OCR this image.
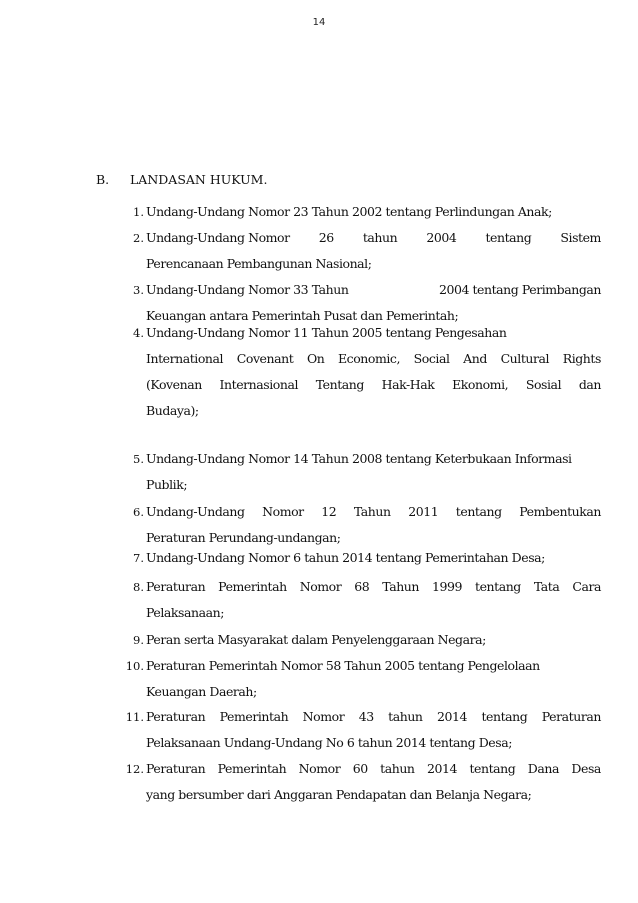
14
B. LANDASAN HUKUM.
1. Undang-Undang Nomor 23 Tahun 2002 tentang Perlindungan Anak;
2. Undang-Undang Nomor 26 tahun 2004 tentang Sistem
Perencanaan Pembangunan Nasional;
3. Undang-Undang Nomor 33 Tahun	2004 tentang Perimbangan
Keuangan antara Pemerintah Pusat dan Pemerintah;
4. Undang-Undang Nomor 11 Tahun 2005 tentang Pengesahan
International Covenant On Economic, Social And Cultural Rights
(Kovenan Internasional Tentang Hak-Hak Ekonomi, Sosial dan
Budaya);
5. Undang-Undang Nomor 14 Tahun 2008 tentang Keterbukaan Informasi
Publik;
6. Undang-Undang Nomor 12 Tahun 2011 tentang Pembentukan
Peraturan Perundang-undangan;
7. Undang-Undang Nomor 6 tahun 2014 tentang Pemerintahan Desa;
8. Peraturan Pemerintah Nomor 68 Tahun 1999 tentang Tata Cara
Pelaksanaan;
9. Peran serta Masyarakat dalam Penyelenggaraan Negara;
10. Peraturan Pemerintah Nomor 58 Tahun 2005 tentang Pengelolaan
Keuangan Daerah;
11. Peraturan Pemerintah Nomor 43 tahun 2014 tentang Peraturan
Pelaksanaan Undang-Undang No 6 tahun 2014 tentang Desa;
12. Peraturan Pemerintah Nomor 60 tahun 2014 tentang Dana Desa
yang bersumber dari Anggaran Pendapatan dan Belanja Negara;
